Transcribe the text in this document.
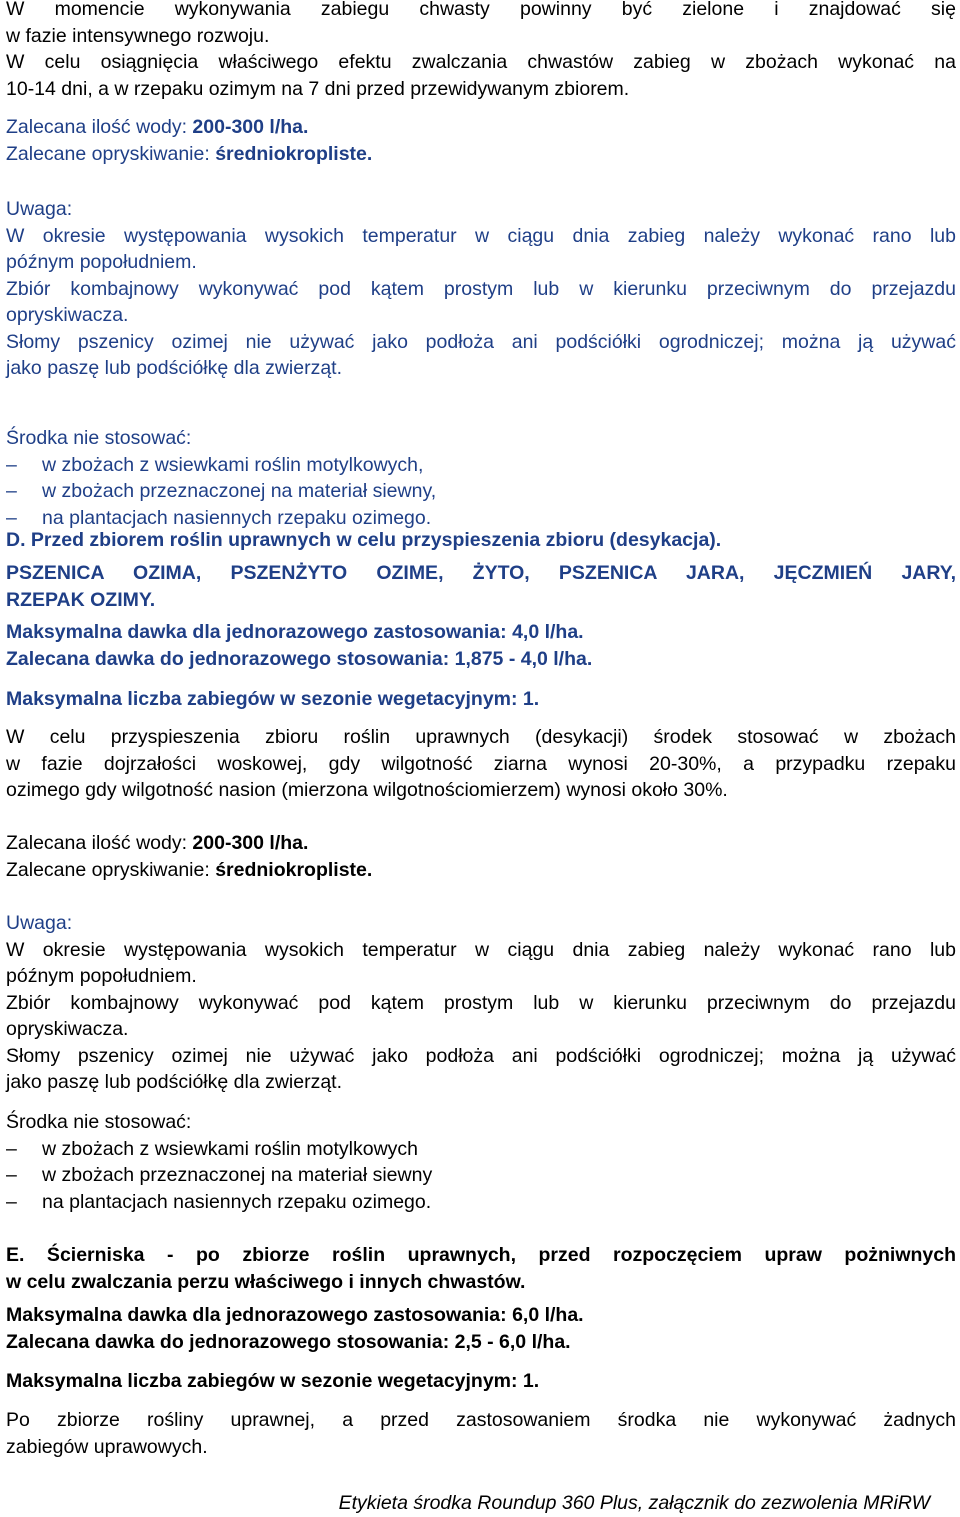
W momencie wykonywania zabiegu chwasty powinny być zielone i znajdować się

w fazie intensywnego rozwoju.

W celu osiągnięcia właściwego efektu zwalczania chwastów zabieg w zbożach wykonać na

10-14 dni, a w rzepaku ozimym na 7 dni przed przewidywanym zbiorem.

Zalecana ilość wody: 200-300 l/ha.

Zalecane opryskiwanie: średniokropliste.

Uwaga:

W okresie występowania wysokich temperatur w ciągu dnia zabieg należy wykonać rano lub

późnym popołudniem.

Zbiór kombajnowy wykonywać pod kątem prostym lub w kierunku przeciwnym do przejazdu

opryskiwacza.

Słomy pszenicy ozimej nie używać jako podłoża ani podściółki ogrodniczej; można ją używać

jako paszę lub podściółkę dla zwierząt.

Środka nie stosować:

–	w zbożach z wsiewkami roślin motylkowych,
–	w zbożach przeznaczonej na materiał siewny,
–	na plantacjach nasiennych rzepaku ozimego.

D. Przed zbiorem roślin uprawnych w celu przyspieszenia zbioru (desykacja).

PSZENICA OZIMA, PSZENŻYTO OZIME, ŻYTO, PSZENICA JARA, JĘCZMIEŃ JARY,

RZEPAK OZIMY.

Maksymalna dawka dla jednorazowego zastosowania: 4,0 l/ha.

Zalecana dawka do jednorazowego stosowania: 1,875 - 4,0 l/ha.

Maksymalna liczba zabiegów w sezonie wegetacyjnym: 1.

W celu przyspieszenia zbioru roślin uprawnych (desykacji) środek stosować w zbożach

w fazie dojrzałości woskowej, gdy wilgotność ziarna wynosi 20-30%, a przypadku rzepaku

ozimego gdy wilgotność nasion (mierzona wilgotnościomierzem) wynosi około 30%.

Zalecana ilość wody: 200-300 l/ha.

Zalecane opryskiwanie: średniokropliste.

Uwaga:

W okresie występowania wysokich temperatur w ciągu dnia zabieg należy wykonać rano lub

późnym popołudniem.

Zbiór kombajnowy wykonywać pod kątem prostym lub w kierunku przeciwnym do przejazdu

opryskiwacza.

Słomy pszenicy ozimej nie używać jako podłoża ani podściółki ogrodniczej; można ją używać

jako paszę lub podściółkę dla zwierząt.

Środka nie stosować:

–	w zbożach z wsiewkami roślin motylkowych
–	w zbożach przeznaczonej na materiał siewny
–	na plantacjach nasiennych rzepaku ozimego.

E. Ścierniska - po zbiorze roślin uprawnych, przed rozpoczęciem upraw pożniwnych

w celu zwalczania perzu właściwego i innych chwastów.

Maksymalna dawka dla jednorazowego zastosowania: 6,0 l/ha.

Zalecana dawka do jednorazowego stosowania: 2,5 - 6,0 l/ha.

Maksymalna liczba zabiegów w sezonie wegetacyjnym: 1.

Po zbiorze rośliny uprawnej, a przed zastosowaniem środka nie wykonywać żadnych

zabiegów uprawowych.

Etykieta środka Roundup 360 Plus, załącznik do zezwolenia MRiRW
